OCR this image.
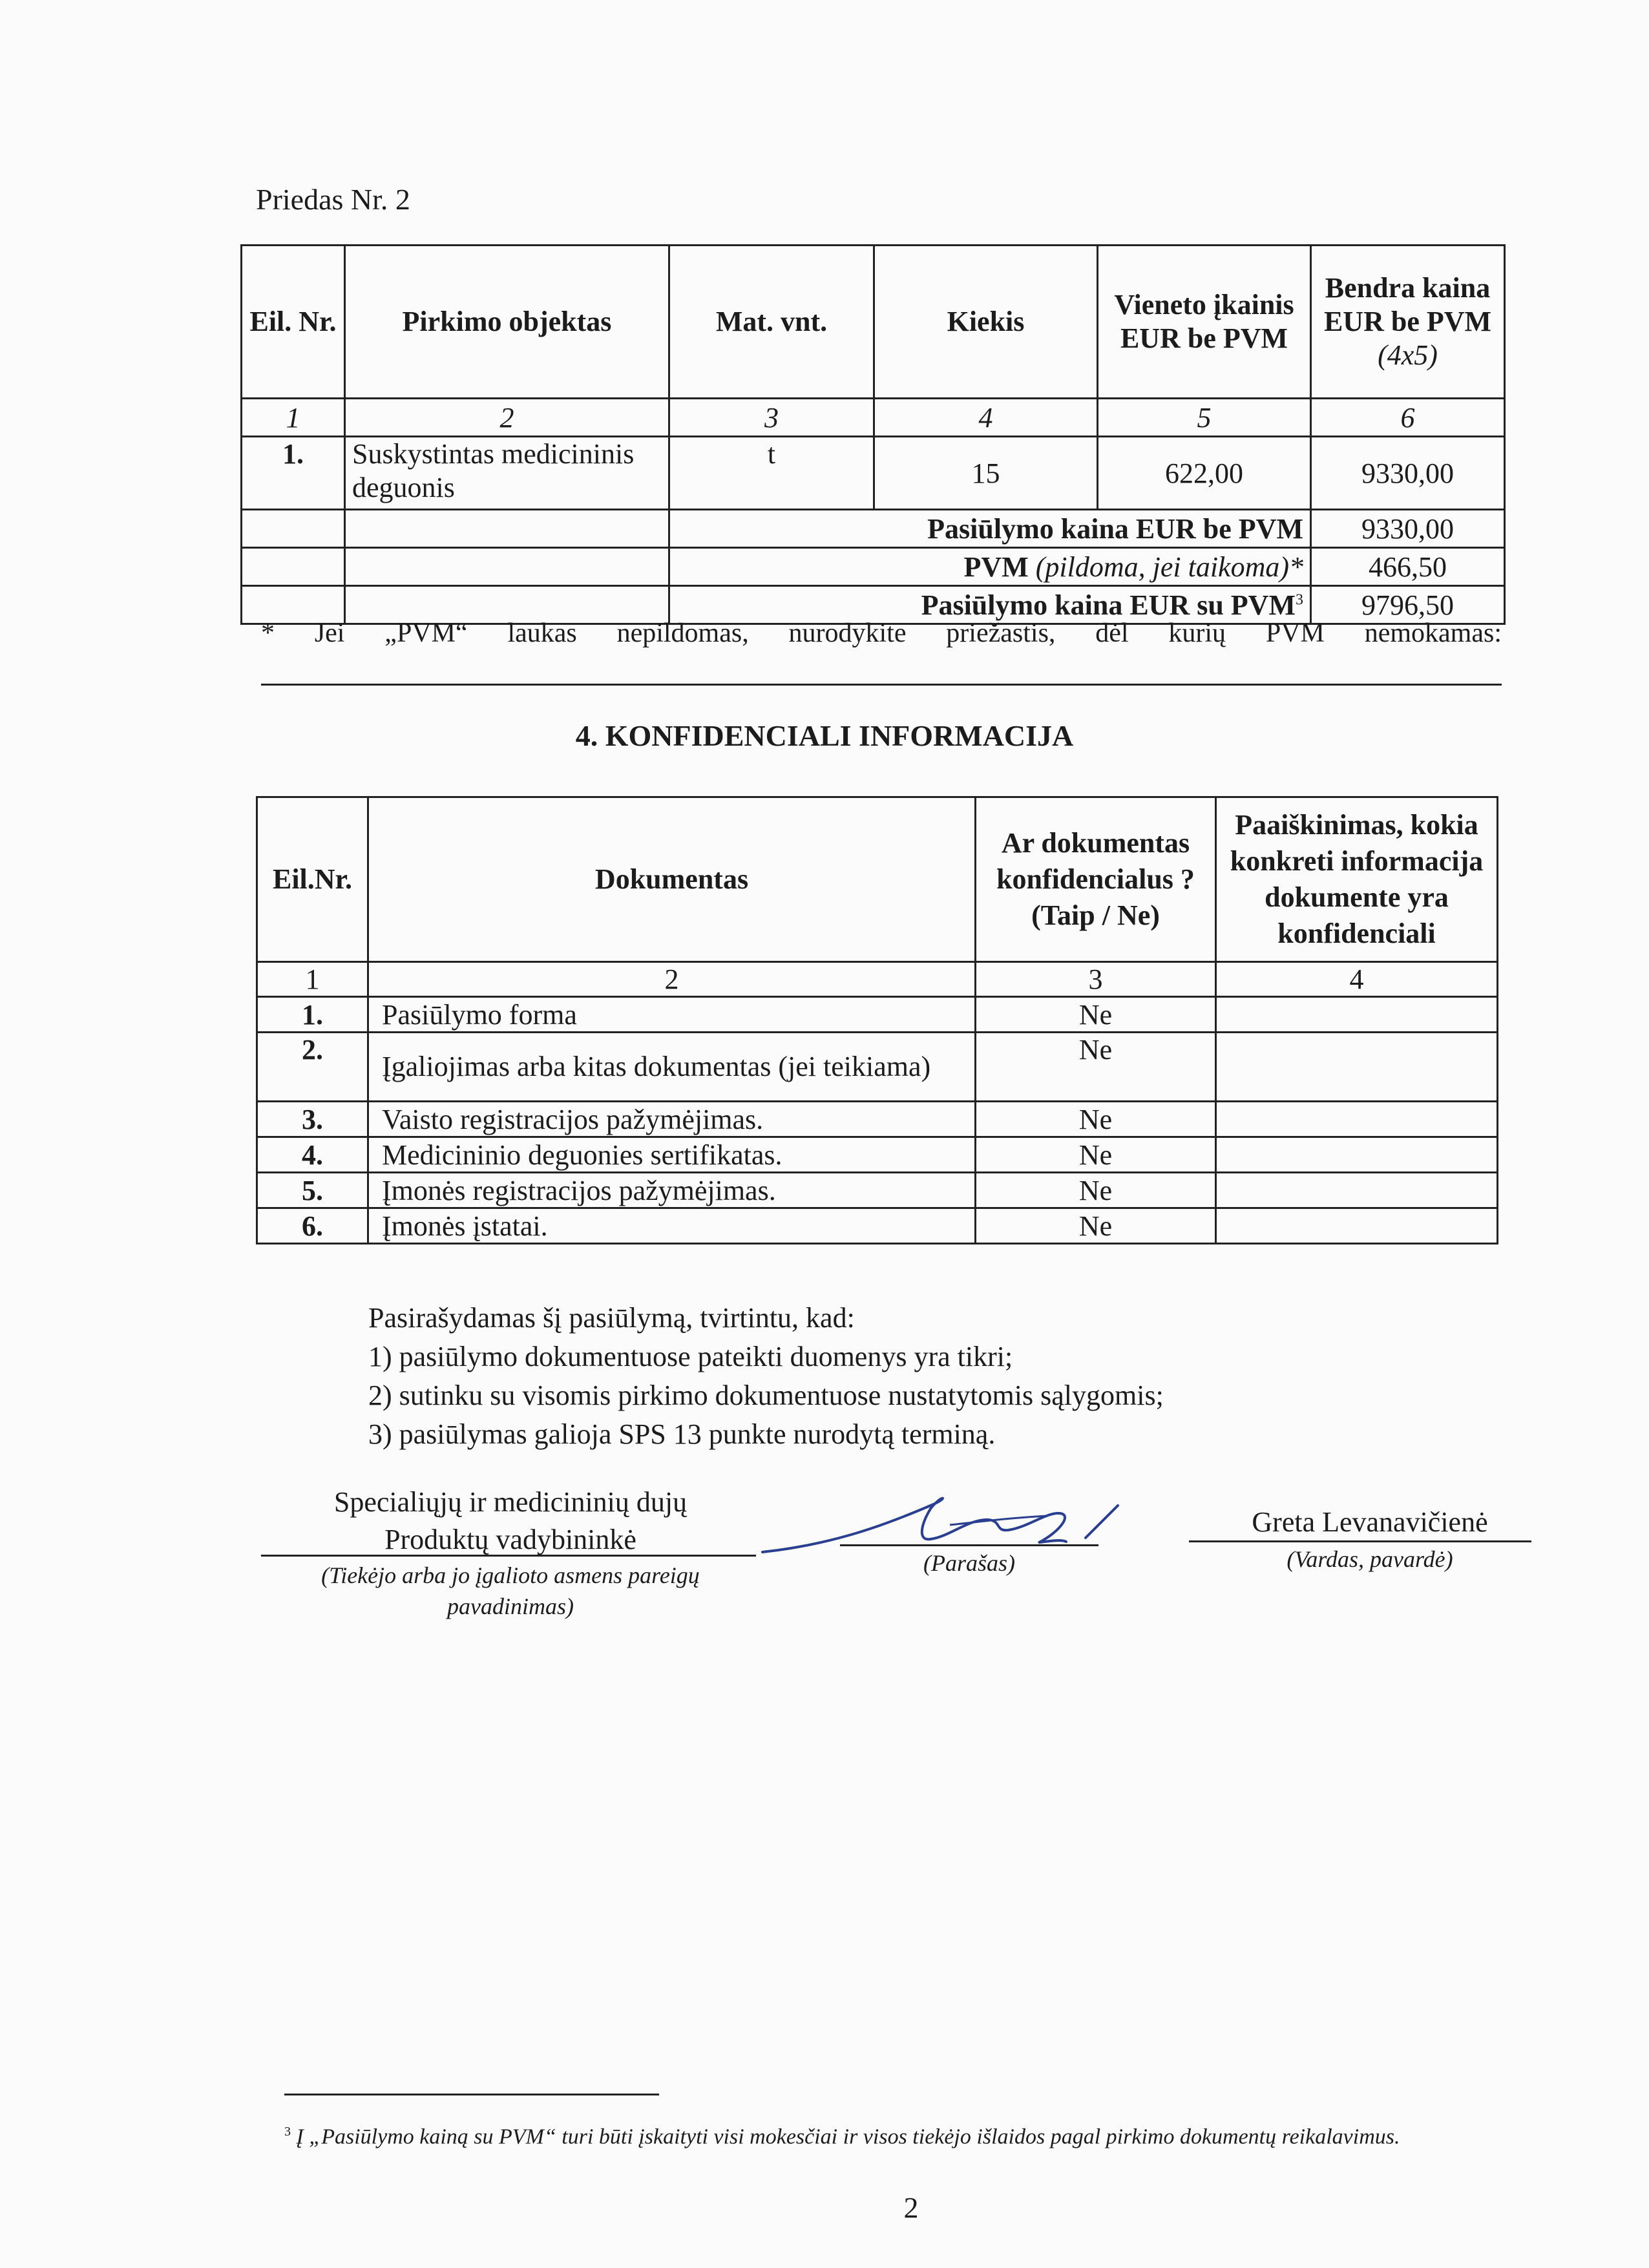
Priedas Nr. 2
Eil. Nr.	Pirkimo objektas	Mat. vnt.	Kiekis	Vieneto įkainis EUR be PVM	Bendra kaina EUR be PVM
(4x5)
1	2	3	4	5	6
1.	Suskystintas medicininis deguonis	t	15	622,00	9330,00
		Pasiūlymo kaina EUR be PVM			9330,00
		PVM (pildoma, jei taikoma)*			466,50
		Pasiūlymo kaina EUR su PVM$^3$			9796,50
* Jei „PVM“ laukas nepildomas, nurodykite priežastis, dėl kurių PVM nemokamas:
4. KONFIDENCIALI INFORMACIJA
Eil.Nr.	Dokumentas	Ar dokumentas konfidencialus ? (Taip / Ne)	Paaiškinimas, kokia konkreti informacija dokumente yra konfidenciali
1	2	3	4
1.	Pasiūlymo forma	Ne	
2.	Įgaliojimas arba kitas dokumentas (jei teikiama)	Ne	
3.	Vaisto registracijos pažymėjimas.	Ne	
4.	Medicininio deguonies sertifikatas.	Ne	
5.	Įmonės registracijos pažymėjimas.	Ne	
6.	Įmonės įstatai.	Ne	
Pasirašydamas šį pasiūlymą, tvirtintu, kad:
1) pasiūlymo dokumentuose pateikti duomenys yra tikri;
2) sutinku su visomis pirkimo dokumentuose nustatytomis sąlygomis;
3) pasiūlymas galioja SPS 13 punkte nurodytą terminą.
Specialiųjų ir medicininių dujų
Produktų vadybininkė
(Tiekėjo arba jo įgalioto asmens pareigų pavadinimas)
(Parašas)
Greta Levanavičienė
(Vardas, pavardė)
$^3$ Į „Pasiūlymo kainą su PVM“ turi būti įskaityti visi mokesčiai ir visos tiekėjo išlaidos pagal pirkimo dokumentų reikalavimus.
2
